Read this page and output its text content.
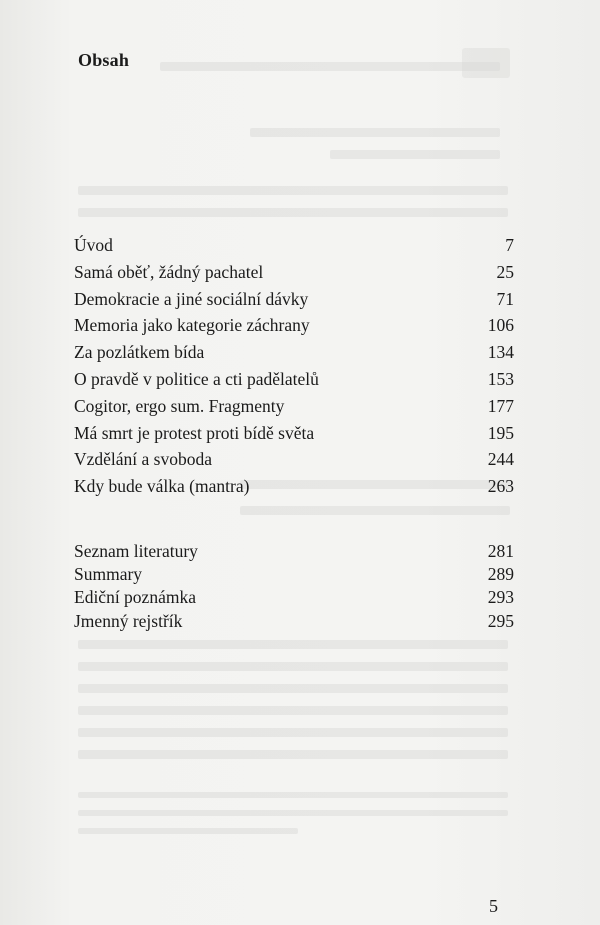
Obsah
Úvod	7
Samá oběť, žádný pachatel	25
Demokracie a jiné sociální dávky	71
Memoria jako kategorie záchrany	106
Za pozlátkem bída	134
O pravdě v politice a cti padělatelů	153
Cogitor, ergo sum. Fragmenty	177
Má smrt je protest proti bídě světa	195
Vzdělání a svoboda	244
Kdy bude válka (mantra)	263
Seznam literatury	281
Summary	289
Ediční poznámka	293
Jmenný rejstřík	295
5
